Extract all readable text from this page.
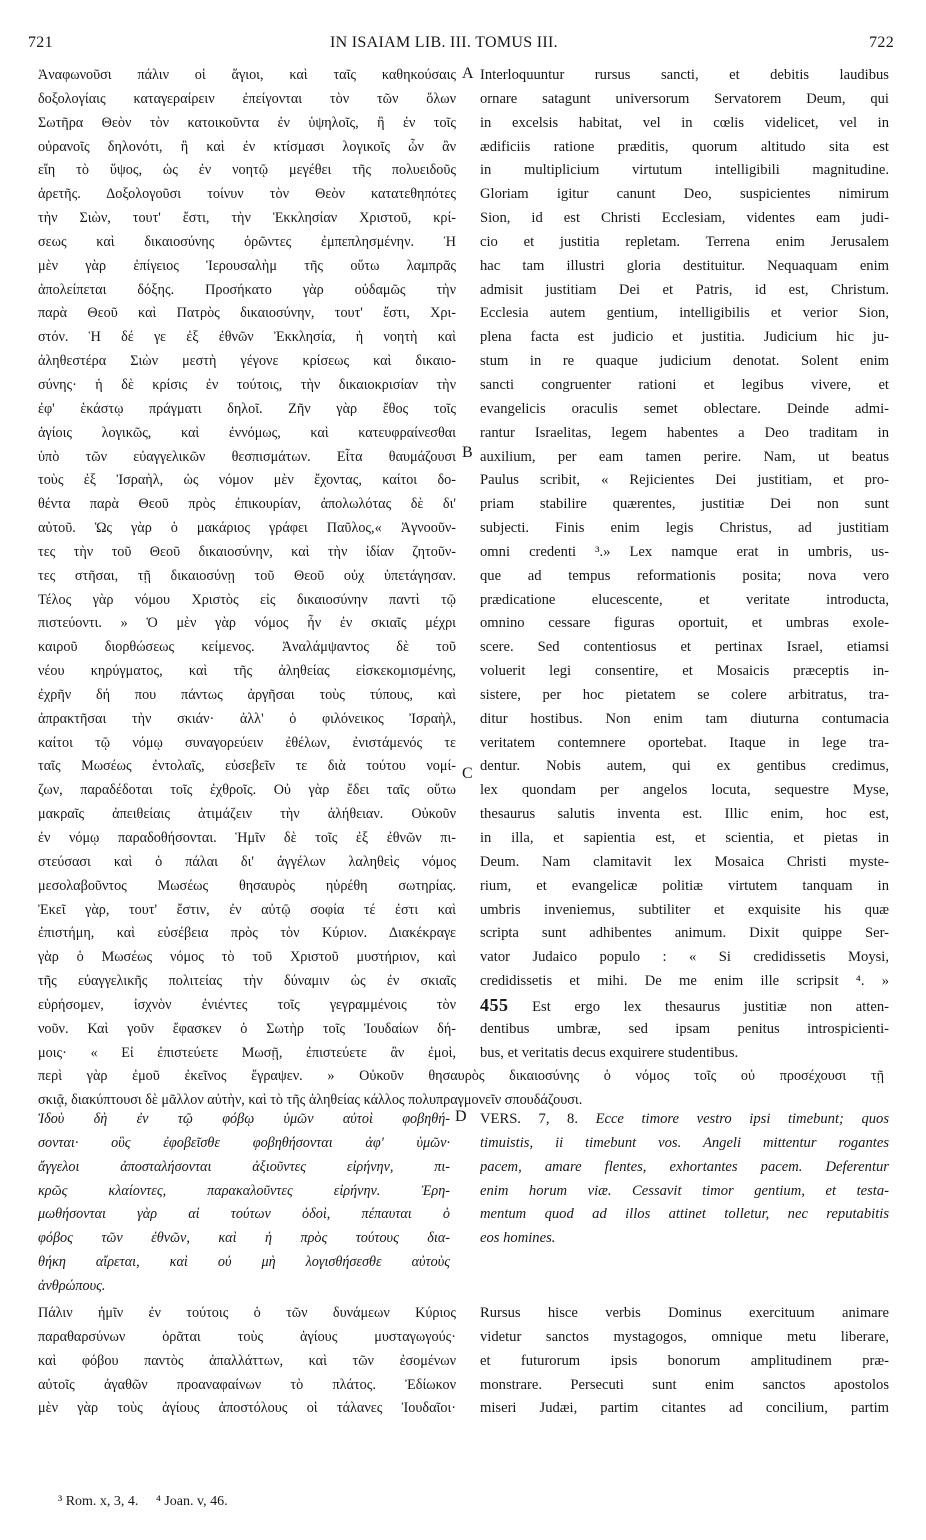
721	IN ISAIAM LIB. III. TOMUS III.	722
A
B
C
D
Ἀναφωνοῦσι πάλιν οἱ ἅγιοι, καὶ ταῖς καθηκούσαις
δοξολογίαις καταγεραίρειν ἐπείγονται τὸν τῶν ὅλων
Σωτῆρα Θεὸν τὸν κατοικοῦντα ἐν ὑψηλοῖς, ἢ ἐν τοῖς
οὐρανοῖς δηλονότι, ἢ καὶ ἐν κτίσμασι λογικοῖς ὧν ἂν
εἴη τὸ ὕψος, ὡς ἐν νοητῷ μεγέθει τῆς πολυειδοῦς
ἀρετῆς. Δοξολογοῦσι τοίνυν τὸν Θεὸν κατατεθηπότες
τὴν Σιὼν, τουτ' ἔστι, τὴν Ἐκκλησίαν Χριστοῦ, κρί-
σεως καὶ δικαιοσύνης ὁρῶντες ἐμπεπλησμένην. Ἡ
μὲν γὰρ ἐπίγειος Ἱερουσαλὴμ τῆς οὕτω λαμπρᾶς
ἀπολείπεται δόξης. Προσήκατο γὰρ οὐδαμῶς τὴν
παρὰ Θεοῦ καὶ Πατρὸς δικαιοσύνην, τουτ' ἔστι, Χρι-
στόν. Ἡ δέ γε ἐξ ἐθνῶν Ἐκκλησία, ἡ νοητὴ καὶ
ἀληθεστέρα Σιὼν μεστὴ γέγονε κρίσεως καὶ δικαιο-
σύνης· ἡ δὲ κρίσις ἐν τούτοις, τὴν δικαιοκρισίαν τὴν
ἐφ' ἑκάστῳ πράγματι δηλοῖ. Ζῆν γὰρ ἔθος τοῖς
ἁγίοις λογικῶς, καὶ ἐννόμως, καὶ κατευφραίνεσθαι
ὑπὸ τῶν εὐαγγελικῶν θεσπισμάτων. Εἶτα θαυμάζουσι
τοὺς ἐξ Ἰσραὴλ, ὡς νόμον μὲν ἔχοντας, καίτοι δο-
θέντα παρὰ Θεοῦ πρὸς ἐπικουρίαν, ἀπολωλότας δὲ δι'
αὐτοῦ. Ὡς γὰρ ὁ μακάριος γράφει Παῦλος,« Ἀγνοοῦν-
τες τὴν τοῦ Θεοῦ δικαιοσύνην, καὶ τὴν ἰδίαν ζητοῦν-
τες στῆσαι, τῇ δικαιοσύνῃ τοῦ Θεοῦ οὐχ ὑπετάγησαν.
Τέλος γὰρ νόμου Χριστὸς εἰς δικαιοσύνην παντὶ τῷ
πιστεύοντι. » Ὁ μὲν γὰρ νόμος ἦν ἐν σκιαῖς μέχρι
καιροῦ διορθώσεως κείμενος. Ἀναλάμψαντος δὲ τοῦ
νέου κηρύγματος, καὶ τῆς ἀληθείας εἰσκεκομισμένης,
ἐχρῆν δή που πάντως ἀργῆσαι τοὺς τύπους, καὶ
ἀπρακτῆσαι τὴν σκιάν· ἀλλ' ὁ φιλόνεικος Ἰσραὴλ,
καίτοι τῷ νόμῳ συναγορεύειν ἐθέλων, ἐνιστάμενός τε
ταῖς Μωσέως ἐντολαῖς, εὐσεβεῖν τε διὰ τούτου νομί-
ζων, παραδέδοται τοῖς ἐχθροῖς. Οὐ γὰρ ἔδει ταῖς οὕτω
μακραῖς ἀπειθείαις ἀτιμάζειν τὴν ἀλήθειαν. Οὐκοῦν
ἐν νόμῳ παραδοθήσονται. Ἡμῖν δὲ τοῖς ἐξ ἐθνῶν πι-
στεύσασι καὶ ὁ πάλαι δι' ἀγγέλων λαληθεὶς νόμος
μεσολαβοῦντος Μωσέως θησαυρὸς ηὑρέθη σωτηρίας.
Ἐκεῖ γὰρ, τουτ' ἔστιν, ἐν αὐτῷ σοφία τέ ἐστι καὶ
ἐπιστήμη, καὶ εὐσέβεια πρὸς τὸν Κύριον. Διακέκραγε
γὰρ ὁ Μωσέως νόμος τὸ τοῦ Χριστοῦ μυστήριον, καὶ
τῆς εὐαγγελικῆς πολιτείας τὴν δύναμιν ὡς ἐν σκιαῖς
εὑρήσομεν, ἰσχνὸν ἐνιέντες τοῖς γεγραμμένοις τὸν
νοῦν. Καὶ γοῦν ἔφασκεν ὁ Σωτὴρ τοῖς Ἰουδαίων δή-
μοις· « Εἰ ἐπιστεύετε Μωσῇ, ἐπιστεύετε ἂν ἐμοὶ,
περὶ γὰρ ἐμοῦ ἐκεῖνος ἔγραψεν. » Οὐκοῦν θησαυρὸς δικαιοσύνης ὁ νόμος τοῖς οὐ προσέχουσι τῇ
σκιᾷ, διακύπτουσι δὲ μᾶλλον αὐτὴν, καὶ τὸ τῆς ἀληθείας κάλλος πολυπραγμονεῖν σπουδάζουσι.
Interloquuntur rursus sancti, et debitis laudibus
ornare satagunt universorum Servatorem Deum, qui
in excelsis habitat, vel in cœlis videlicet, vel in
ædificiis ratione præditis, quorum altitudo sita est
in multiplicium virtutum intelligibili magnitudine.
Gloriam igitur canunt Deo, suspicientes nimirum
Sion, id est Christi Ecclesiam, videntes eam judi-
cio et justitia repletam. Terrena enim Jerusalem
hac tam illustri gloria destituitur. Nequaquam enim
admisit justitiam Dei et Patris, id est, Christum.
Ecclesia autem gentium, intelligibilis et verior Sion,
plena facta est judicio et justitia. Judicium hic ju-
stum in re quaque judicium denotat. Solent enim
sancti congruenter rationi et legibus vivere, et
evangelicis oraculis semet oblectare. Deinde admi-
rantur Israelitas, legem habentes a Deo traditam in
auxilium, per eam tamen perire. Nam, ut beatus
Paulus scribit, « Rejicientes Dei justitiam, et pro-
priam stabilire quærentes, justitiæ Dei non sunt
subjecti. Finis enim legis Christus, ad justitiam
omni credenti ³.» Lex namque erat in umbris, us-
que ad tempus reformationis posita; nova vero
prædicatione elucescente, et veritate introducta,
omnino cessare figuras oportuit, et umbras exole-
scere. Sed contentiosus et pertinax Israel, etiamsi
voluerit legi consentire, et Mosaicis præceptis in-
sistere, per hoc pietatem se colere arbitratus, tra-
ditur hostibus. Non enim tam diuturna contumacia
veritatem contemnere oportebat. Itaque in lege tra-
dentur. Nobis autem, qui ex gentibus credimus,
lex quondam per angelos locuta, sequestre Myse,
thesaurus salutis inventa est. Illic enim, hoc est,
in illa, et sapientia est, et scientia, et pietas in
Deum. Nam clamitavit lex Mosaica Christi myste-
rium, et evangelicæ politiæ virtutem tanquam in
umbris inveniemus, subtiliter et exquisite his quæ
scripta sunt adhibentes animum. Dixit quippe Ser-
vator Judaico populo : « Si credidissetis Moysi,
credidissetis et mihi. De me enim ille scripsit ⁴. »
455 Est ergo lex thesaurus justitiæ non atten-
dentibus umbræ, sed ipsam penitus introspicienti-
bus, et veritatis decus exquirere studentibus.
Ἰδοὺ δὴ ἐν τῷ φόβῳ ὑμῶν αὐτοὶ φοβηθή-
σονται· οὓς ἐφοβεῖσθε φοβηθήσονται ἀφ' ὑμῶν·
ἄγγελοι ἀποσταλήσονται ἀξιοῦντες εἰρήνην, πι-
κρῶς κλαίοντες, παρακαλοῦντες εἰρήνην. Ἐρη-
μωθήσονται γὰρ αἱ τούτων ὁδοὶ, πέπαυται ὁ
φόβος τῶν ἐθνῶν, καὶ ἡ πρὸς τούτους δια-
θήκη αἴρεται, καὶ οὐ μὴ λογισθήσεσθε αὐτοὺς
ἀνθρώπους.
VERS. 7, 8. Ecce timore vestro ipsi timebunt; quos
timuistis, ii timebunt vos. Angeli mittentur rogantes
pacem, amare flentes, exhortantes pacem. Deferentur
enim horum viæ. Cessavit timor gentium, et testa-
mentum quod ad illos attinet tolletur, nec reputabitis
eos homines.
Πάλιν ἡμῖν ἐν τούτοις ὁ τῶν δυνάμεων Κύριος
παραθαρσύνων ὁρᾶται τοὺς ἁγίους μυσταγωγούς·
καὶ φόβου παντὸς ἀπαλλάττων, καὶ τῶν ἐσομένων
αὐτοῖς ἀγαθῶν προαναφαίνων τὸ πλάτος. Ἐδίωκον
μὲν γὰρ τοὺς ἁγίους ἀποστόλους οἱ τάλανες Ἰουδαῖοι·
Rursus hisce verbis Dominus exercituum animare
videtur sanctos mystagogos, omnique metu liberare,
et futurorum ipsis bonorum amplitudinem præ-
monstrare. Persecuti sunt enim sanctos apostolos
miseri Judæi, partim citantes ad concilium, partim
³ Rom. x, 3, 4. ⁴ Joan. v, 46.
